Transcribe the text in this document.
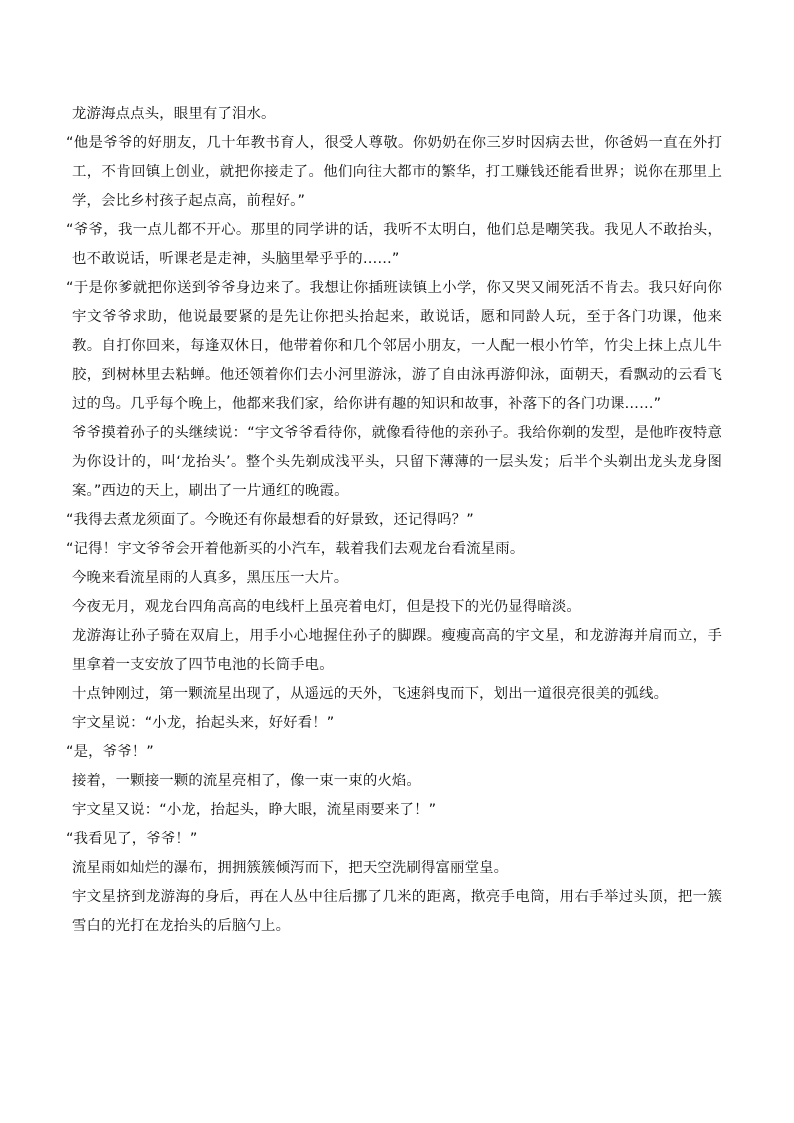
龙游海点点头，眼里有了泪水。

“他是爷爷的好朋友，几十年教书育人，很受人尊敬。你奶奶在你三岁时因病去世，你爸妈一直在外打工，不肯回镇上创业，就把你接走了。他们向往大都市的繁华，打工赚钱还能看世界；说你在那里上学，会比乡村孩子起点高，前程好。”

“爷爷，我一点儿都不开心。那里的同学讲的话，我听不太明白，他们总是嘲笑我。我见人不敢抬头，也不敢说话，听课老是走神，头脑里晕乎乎的……”

“于是你爹就把你送到爷爷身边来了。我想让你插班读镇上小学，你又哭又闹死活不肯去。我只好向你宇文爷爷求助，他说最要紧的是先让你把头抬起来，敢说话，愿和同龄人玩，至于各门功课，他来教。自打你回来，每逢双休日，他带着你和几个邻居小朋友，一人配一根小竹竿，竹尖上抹上点儿牛胶，到树林里去粘蝉。他还领着你们去小河里游泳，游了自由泳再游仰泳，面朝天，看飘动的云看飞过的鸟。几乎每个晚上，他都来我们家，给你讲有趣的知识和故事，补落下的各门功课……”

爷爷摸着孙子的头继续说：“宇文爷爷看待你，就像看待他的亲孙子。我给你剃的发型，是他昨夜特意为你设计的，叫‘龙抬头’。整个头先剃成浅平头，只留下薄薄的一层头发；后半个头剃出龙头龙身图案。”西边的天上，刷出了一片通红的晚霞。

“我得去煮龙须面了。今晚还有你最想看的好景致，还记得吗？”

“记得！宇文爷爷会开着他新买的小汽车，载着我们去观龙台看流星雨。

今晚来看流星雨的人真多，黑压压一大片。

今夜无月，观龙台四角高高的电线杆上虽亮着电灯，但是投下的光仍显得暗淡。

龙游海让孙子骑在双肩上，用手小心地握住孙子的脚踝。瘦瘦高高的宇文星，和龙游海并肩而立，手里拿着一支安放了四节电池的长筒手电。

十点钟刚过，第一颗流星出现了，从遥远的天外，飞速斜曳而下，划出一道很亮很美的弧线。

宇文星说：“小龙，抬起头来，好好看！”

“是，爷爷！”

接着，一颗接一颗的流星亮相了，像一束一束的火焰。

宇文星又说：“小龙，抬起头，睁大眼，流星雨要来了！”

“我看见了，爷爷！”

流星雨如灿烂的瀑布，拥拥簇簇倾泻而下，把天空洗刷得富丽堂皇。

宇文星挤到龙游海的身后，再在人丛中往后挪了几米的距离，揿亮手电筒，用右手举过头顶，把一簇雪白的光打在龙抬头的后脑勺上。
